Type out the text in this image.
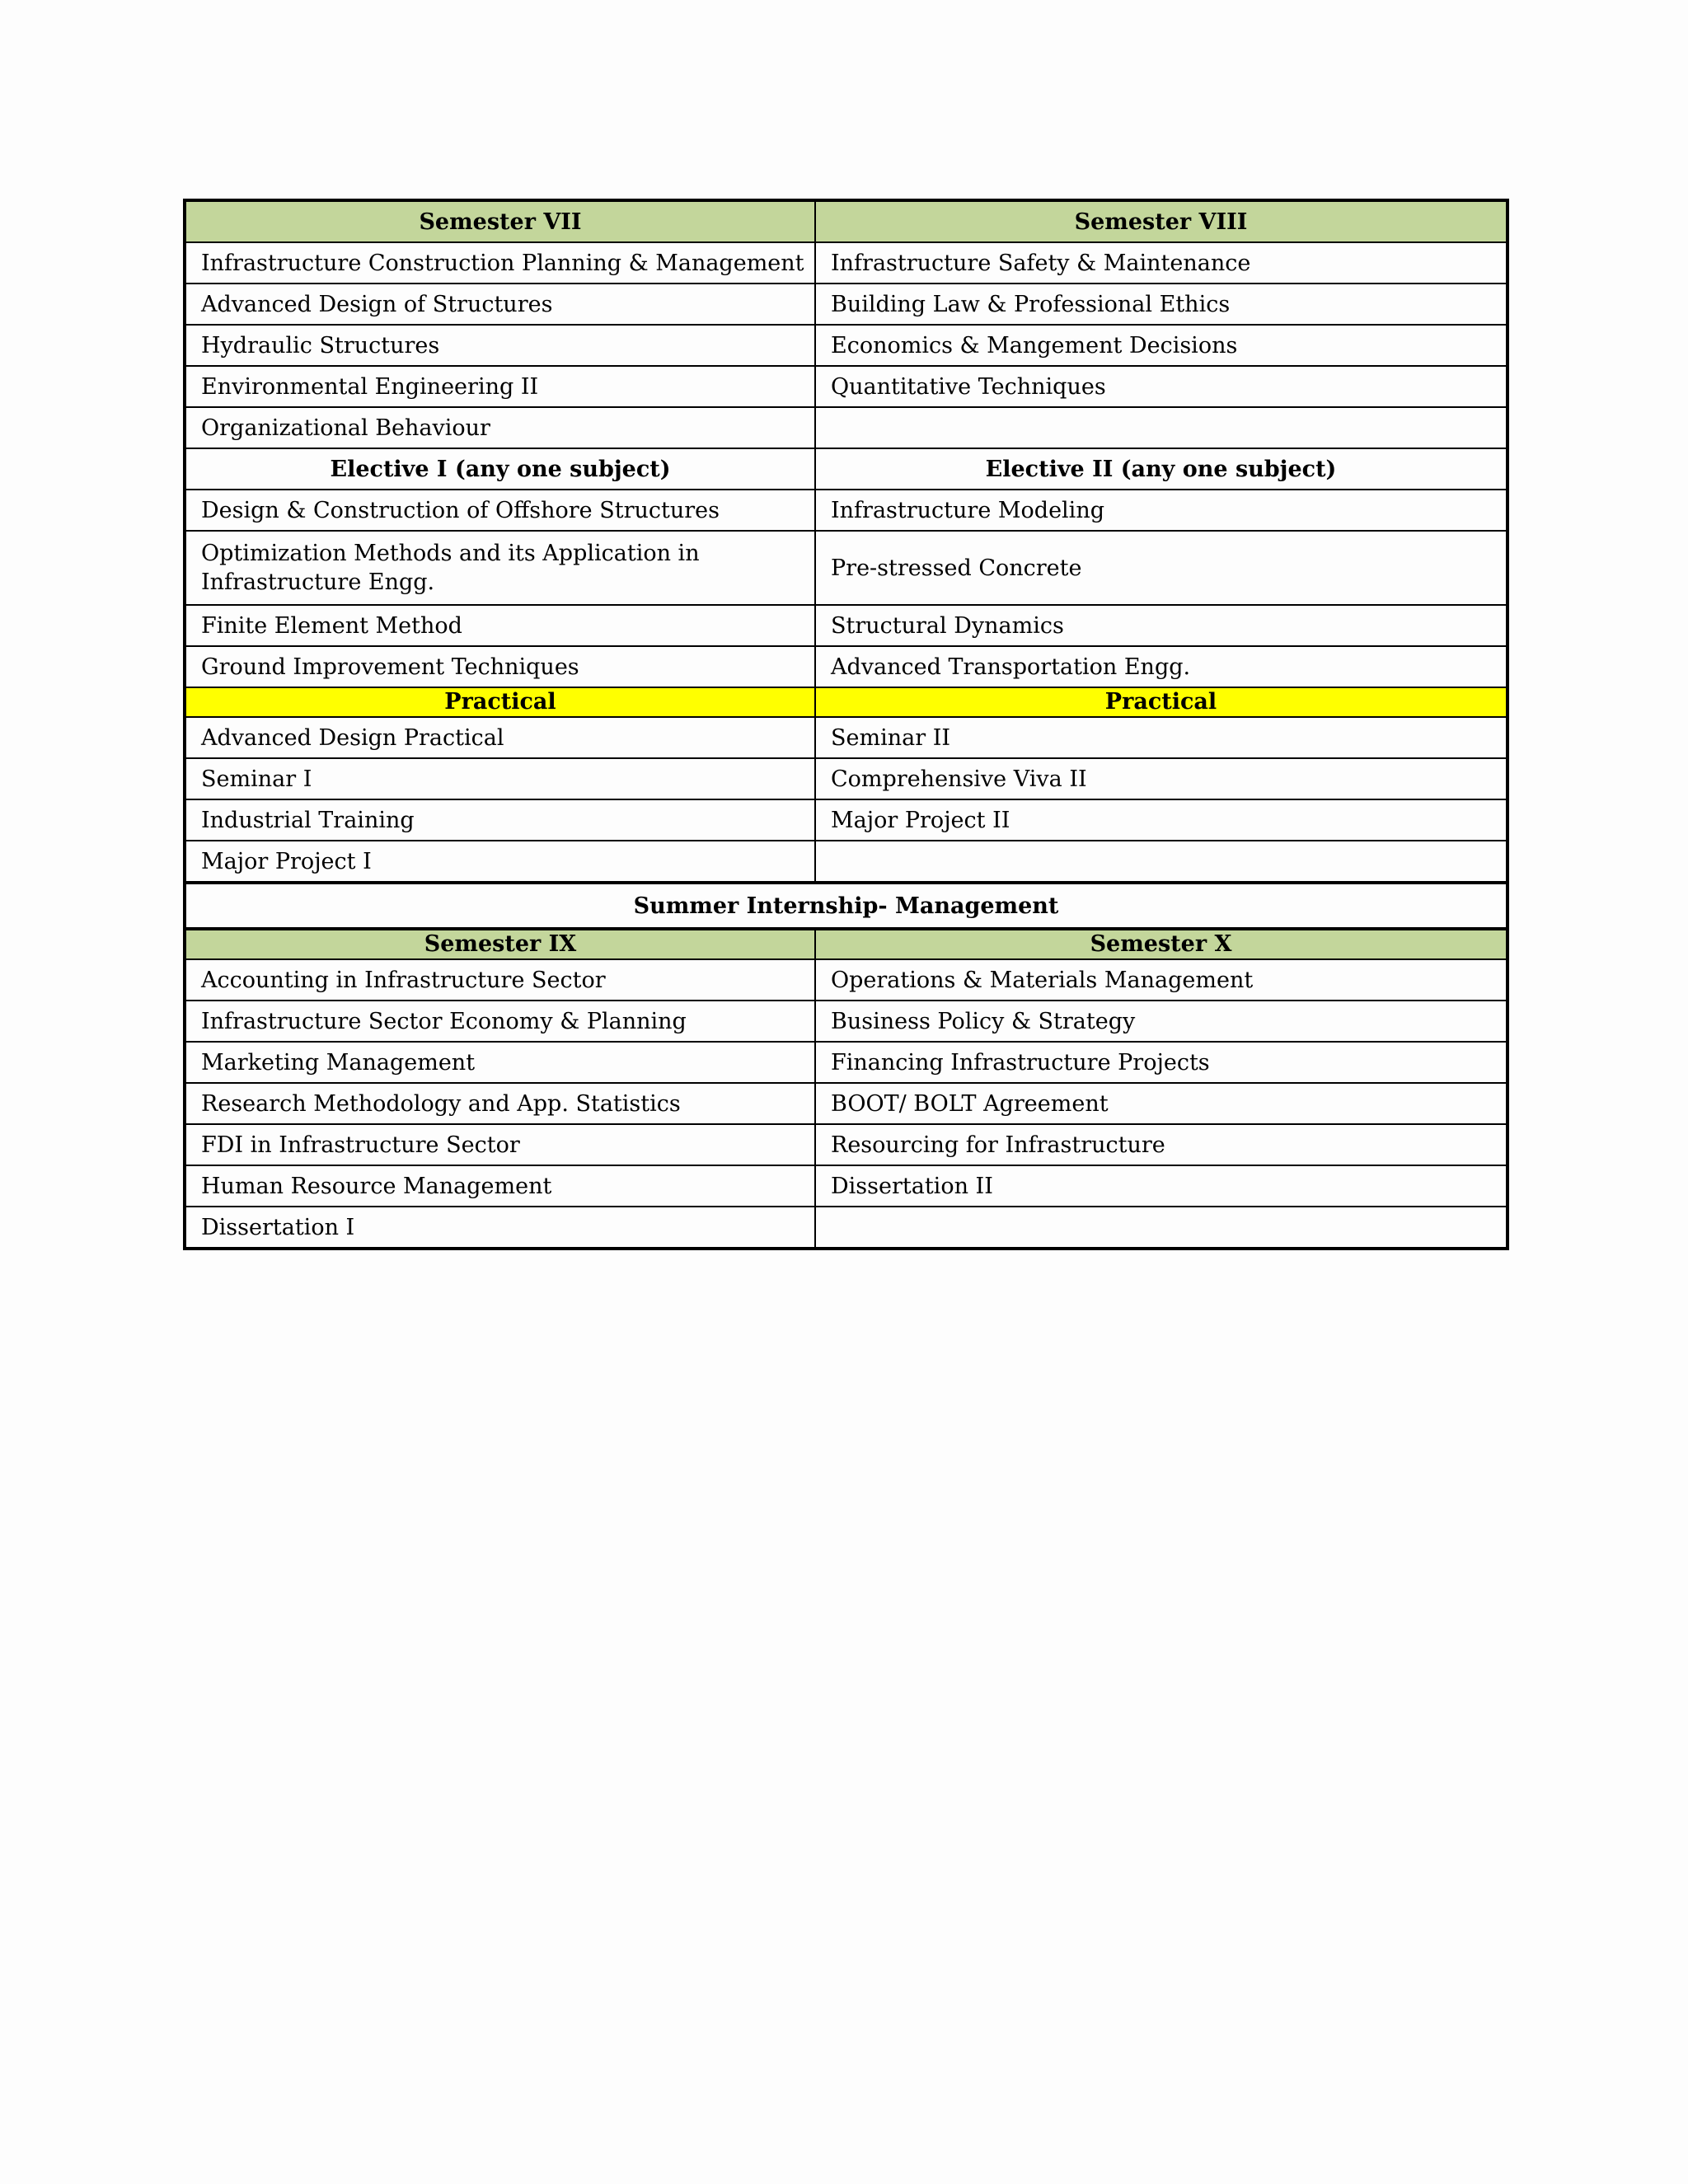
Semester VII	Semester VIII
Infrastructure Construction Planning & Management	Infrastructure Safety & Maintenance
Advanced Design of Structures	Building Law & Professional Ethics
Hydraulic Structures	Economics & Mangement Decisions
Environmental Engineering II	Quantitative Techniques
Organizational Behaviour	
Elective I (any one subject)	Elective II (any one subject)
Design & Construction of Offshore Structures	Infrastructure Modeling
Optimization Methods and its Application in Infrastructure Engg.	Pre-stressed Concrete
Finite Element Method	Structural Dynamics
Ground Improvement Techniques	Advanced Transportation Engg.
Practical	Practical
Advanced Design Practical	Seminar II
Seminar I	Comprehensive Viva II
Industrial Training	Major Project II
Major Project I	
Summer Internship- Management	
Semester IX	Semester X
Accounting in Infrastructure Sector	Operations & Materials Management
Infrastructure Sector Economy & Planning	Business Policy & Strategy
Marketing Management	Financing Infrastructure Projects
Research Methodology and App. Statistics	BOOT/ BOLT Agreement
FDI in Infrastructure Sector	Resourcing for Infrastructure
Human Resource Management	Dissertation II
Dissertation I	
